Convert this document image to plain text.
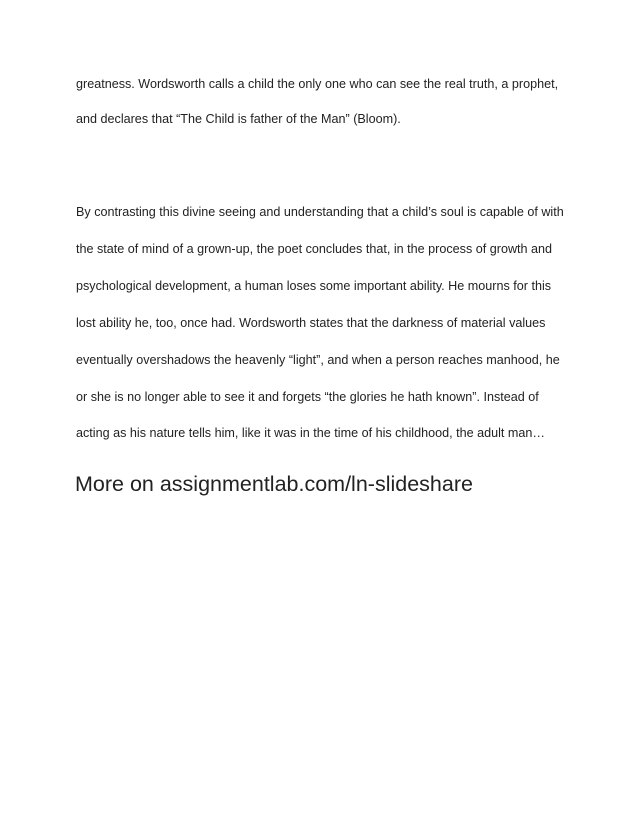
greatness. Wordsworth calls a child the only one who can see the real truth, a prophet,
and declares that “The Child is father of the Man” (Bloom).
By contrasting this divine seeing and understanding that a child’s soul is capable of with
the state of mind of a grown-up, the poet concludes that, in the process of growth and
psychological development, a human loses some important ability. He mourns for this
lost ability he, too, once had. Wordsworth states that the darkness of material values
eventually overshadows the heavenly “light”, and when a person reaches manhood, he
or she is no longer able to see it and forgets “the glories he hath known”. Instead of
acting as his nature tells him, like it was in the time of his childhood, the adult man…
More on assignmentlab.com/ln-slideshare
